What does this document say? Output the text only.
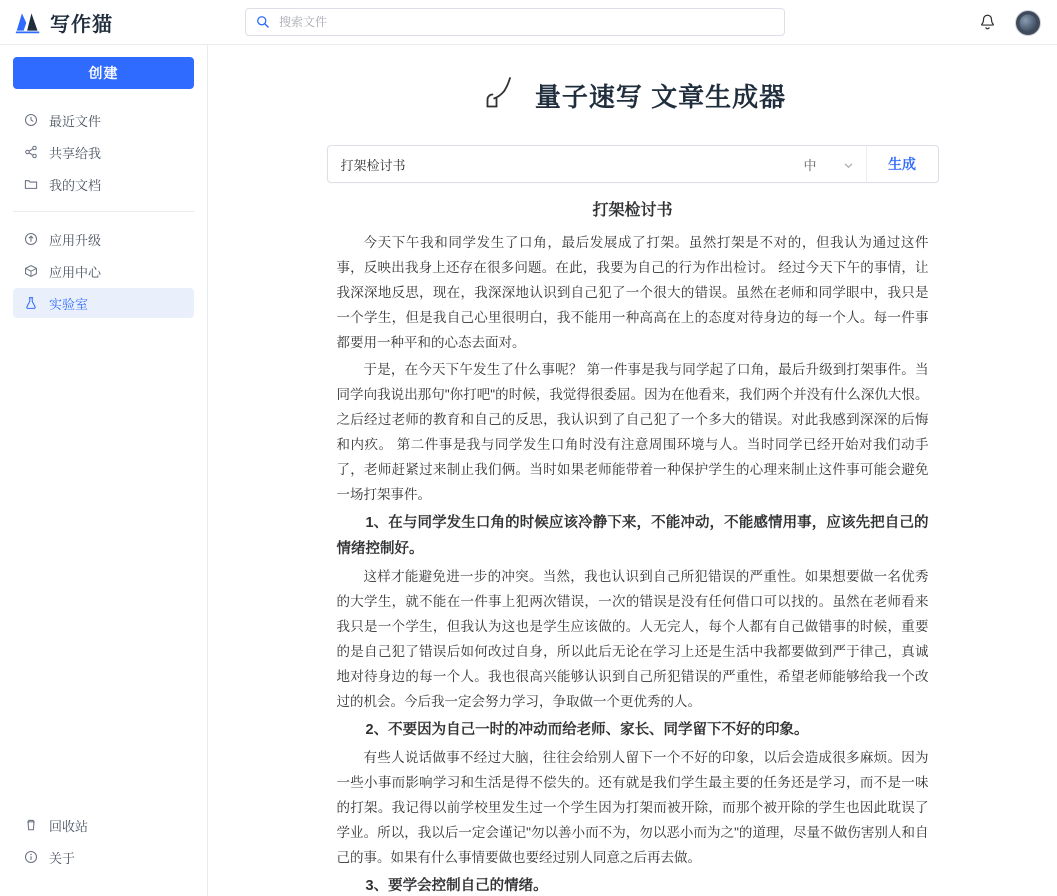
写作猫
搜索文件
创建
最近文件
共享给我
我的文档
应用升级
应用中心
实验室
回收站
关于
量子速写 文章生成器
打架检讨书
中	生成
打架检讨书

今天下午我和同学发生了口角，最后发展成了打架。虽然打架是不对的，但我认为通过这件事，反映出我身上还存在很多问题。在此，我要为自己的行为作出检讨。 经过今天下午的事情，让我深深地反思，现在，我深深地认识到自己犯了一个很大的错误。虽然在老师和同学眼中，我只是一个学生，但是我自己心里很明白，我不能用一种高高在上的态度对待身边的每一个人。每一件事都要用一种平和的心态去面对。

于是，在今天下午发生了什么事呢？ 第一件事是我与同学起了口角，最后升级到打架事件。当同学向我说出那句"你打吧"的时候，我觉得很委屈。因为在他看来，我们两个并没有什么深仇大恨。之后经过老师的教育和自己的反思，我认识到了自己犯了一个多大的错误。对此我感到深深的后悔和内疚。 第二件事是我与同学发生口角时没有注意周围环境与人。当时同学已经开始对我们动手了，老师赶紧过来制止我们俩。当时如果老师能带着一种保护学生的心理来制止这件事可能会避免一场打架事件。

1、在与同学发生口角的时候应该冷静下来，不能冲动，不能感情用事，应该先把自己的情绪控制好。

这样才能避免进一步的冲突。当然，我也认识到自己所犯错误的严重性。如果想要做一名优秀的大学生，就不能在一件事上犯两次错误，一次的错误是没有任何借口可以找的。虽然在老师看来我只是一个学生，但我认为这也是学生应该做的。人无完人，每个人都有自己做错事的时候，重要的是自己犯了错误后如何改过自身，所以此后无论在学习上还是生活中我都要做到严于律己，真诚地对待身边的每一个人。我也很高兴能够认识到自己所犯错误的严重性，希望老师能够给我一个改过的机会。今后我一定会努力学习，争取做一个更优秀的人。

2、不要因为自己一时的冲动而给老师、家长、同学留下不好的印象。

有些人说话做事不经过大脑，往往会给别人留下一个不好的印象，以后会造成很多麻烦。因为一些小事而影响学习和生活是得不偿失的。还有就是我们学生最主要的任务还是学习，而不是一味的打架。我记得以前学校里发生过一个学生因为打架而被开除，而那个被开除的学生也因此耽误了学业。所以，我以后一定会谨记"勿以善小而不为，勿以恶小而为之"的道理，尽量不做伤害别人和自己的事。如果有什么事情要做也要经过别人同意之后再去做。

3、要学会控制自己的情绪。
